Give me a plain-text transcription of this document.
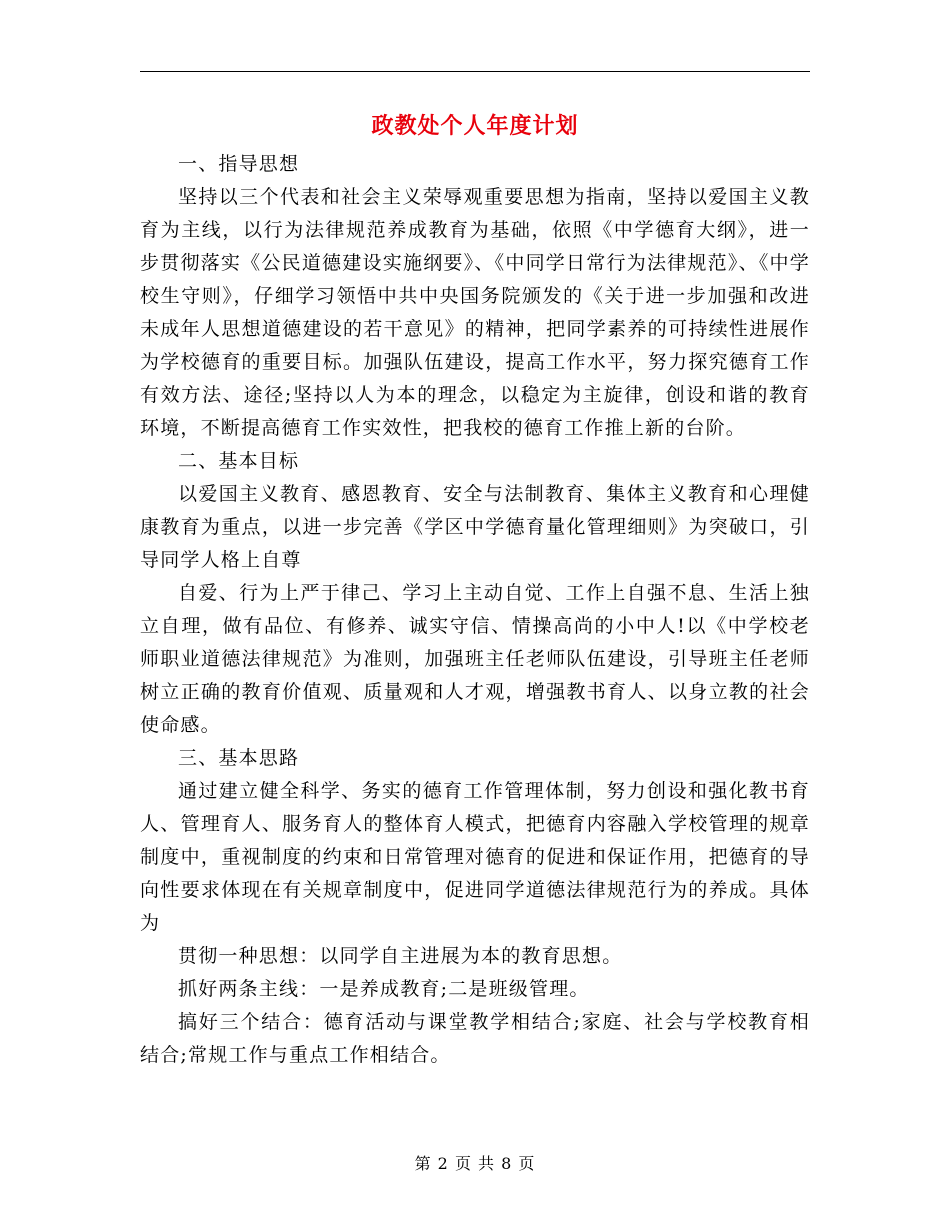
政教处个人年度计划

一、指导思想

坚持以三个代表和社会主义荣辱观重要思想为指南，坚持以爱国主义教育为主线，以行为法律规范养成教育为基础，依照《中学德育大纲》，进一步贯彻落实《公民道德建设实施纲要》、《中同学日常行为法律规范》、《中学校生守则》，仔细学习领悟中共中央国务院颁发的《关于进一步加强和改进未成年人思想道德建设的若干意见》的精神，把同学素养的可持续性进展作为学校德育的重要目标。加强队伍建设，提高工作水平，努力探究德育工作有效方法、途径;坚持以人为本的理念，以稳定为主旋律，创设和谐的教育环境，不断提高德育工作实效性，把我校的德育工作推上新的台阶。

二、基本目标

以爱国主义教育、感恩教育、安全与法制教育、集体主义教育和心理健康教育为重点，以进一步完善《学区中学德育量化管理细则》为突破口，引导同学人格上自尊

自爱、行为上严于律己、学习上主动自觉、工作上自强不息、生活上独立自理，做有品位、有修养、诚实守信、情操高尚的小中人!以《中学校老师职业道德法律规范》为准则，加强班主任老师队伍建设，引导班主任老师树立正确的教育价值观、质量观和人才观，增强教书育人、以身立教的社会使命感。

三、基本思路

通过建立健全科学、务实的德育工作管理体制，努力创设和强化教书育人、管理育人、服务育人的整体育人模式，把德育内容融入学校管理的规章制度中，重视制度的约束和日常管理对德育的促进和保证作用，把德育的导向性要求体现在有关规章制度中，促进同学道德法律规范行为的养成。具体为

贯彻一种思想：以同学自主进展为本的教育思想。

抓好两条主线：一是养成教育;二是班级管理。

搞好三个结合：德育活动与课堂教学相结合;家庭、社会与学校教育相结合;常规工作与重点工作相结合。

第 2 页 共 8 页
